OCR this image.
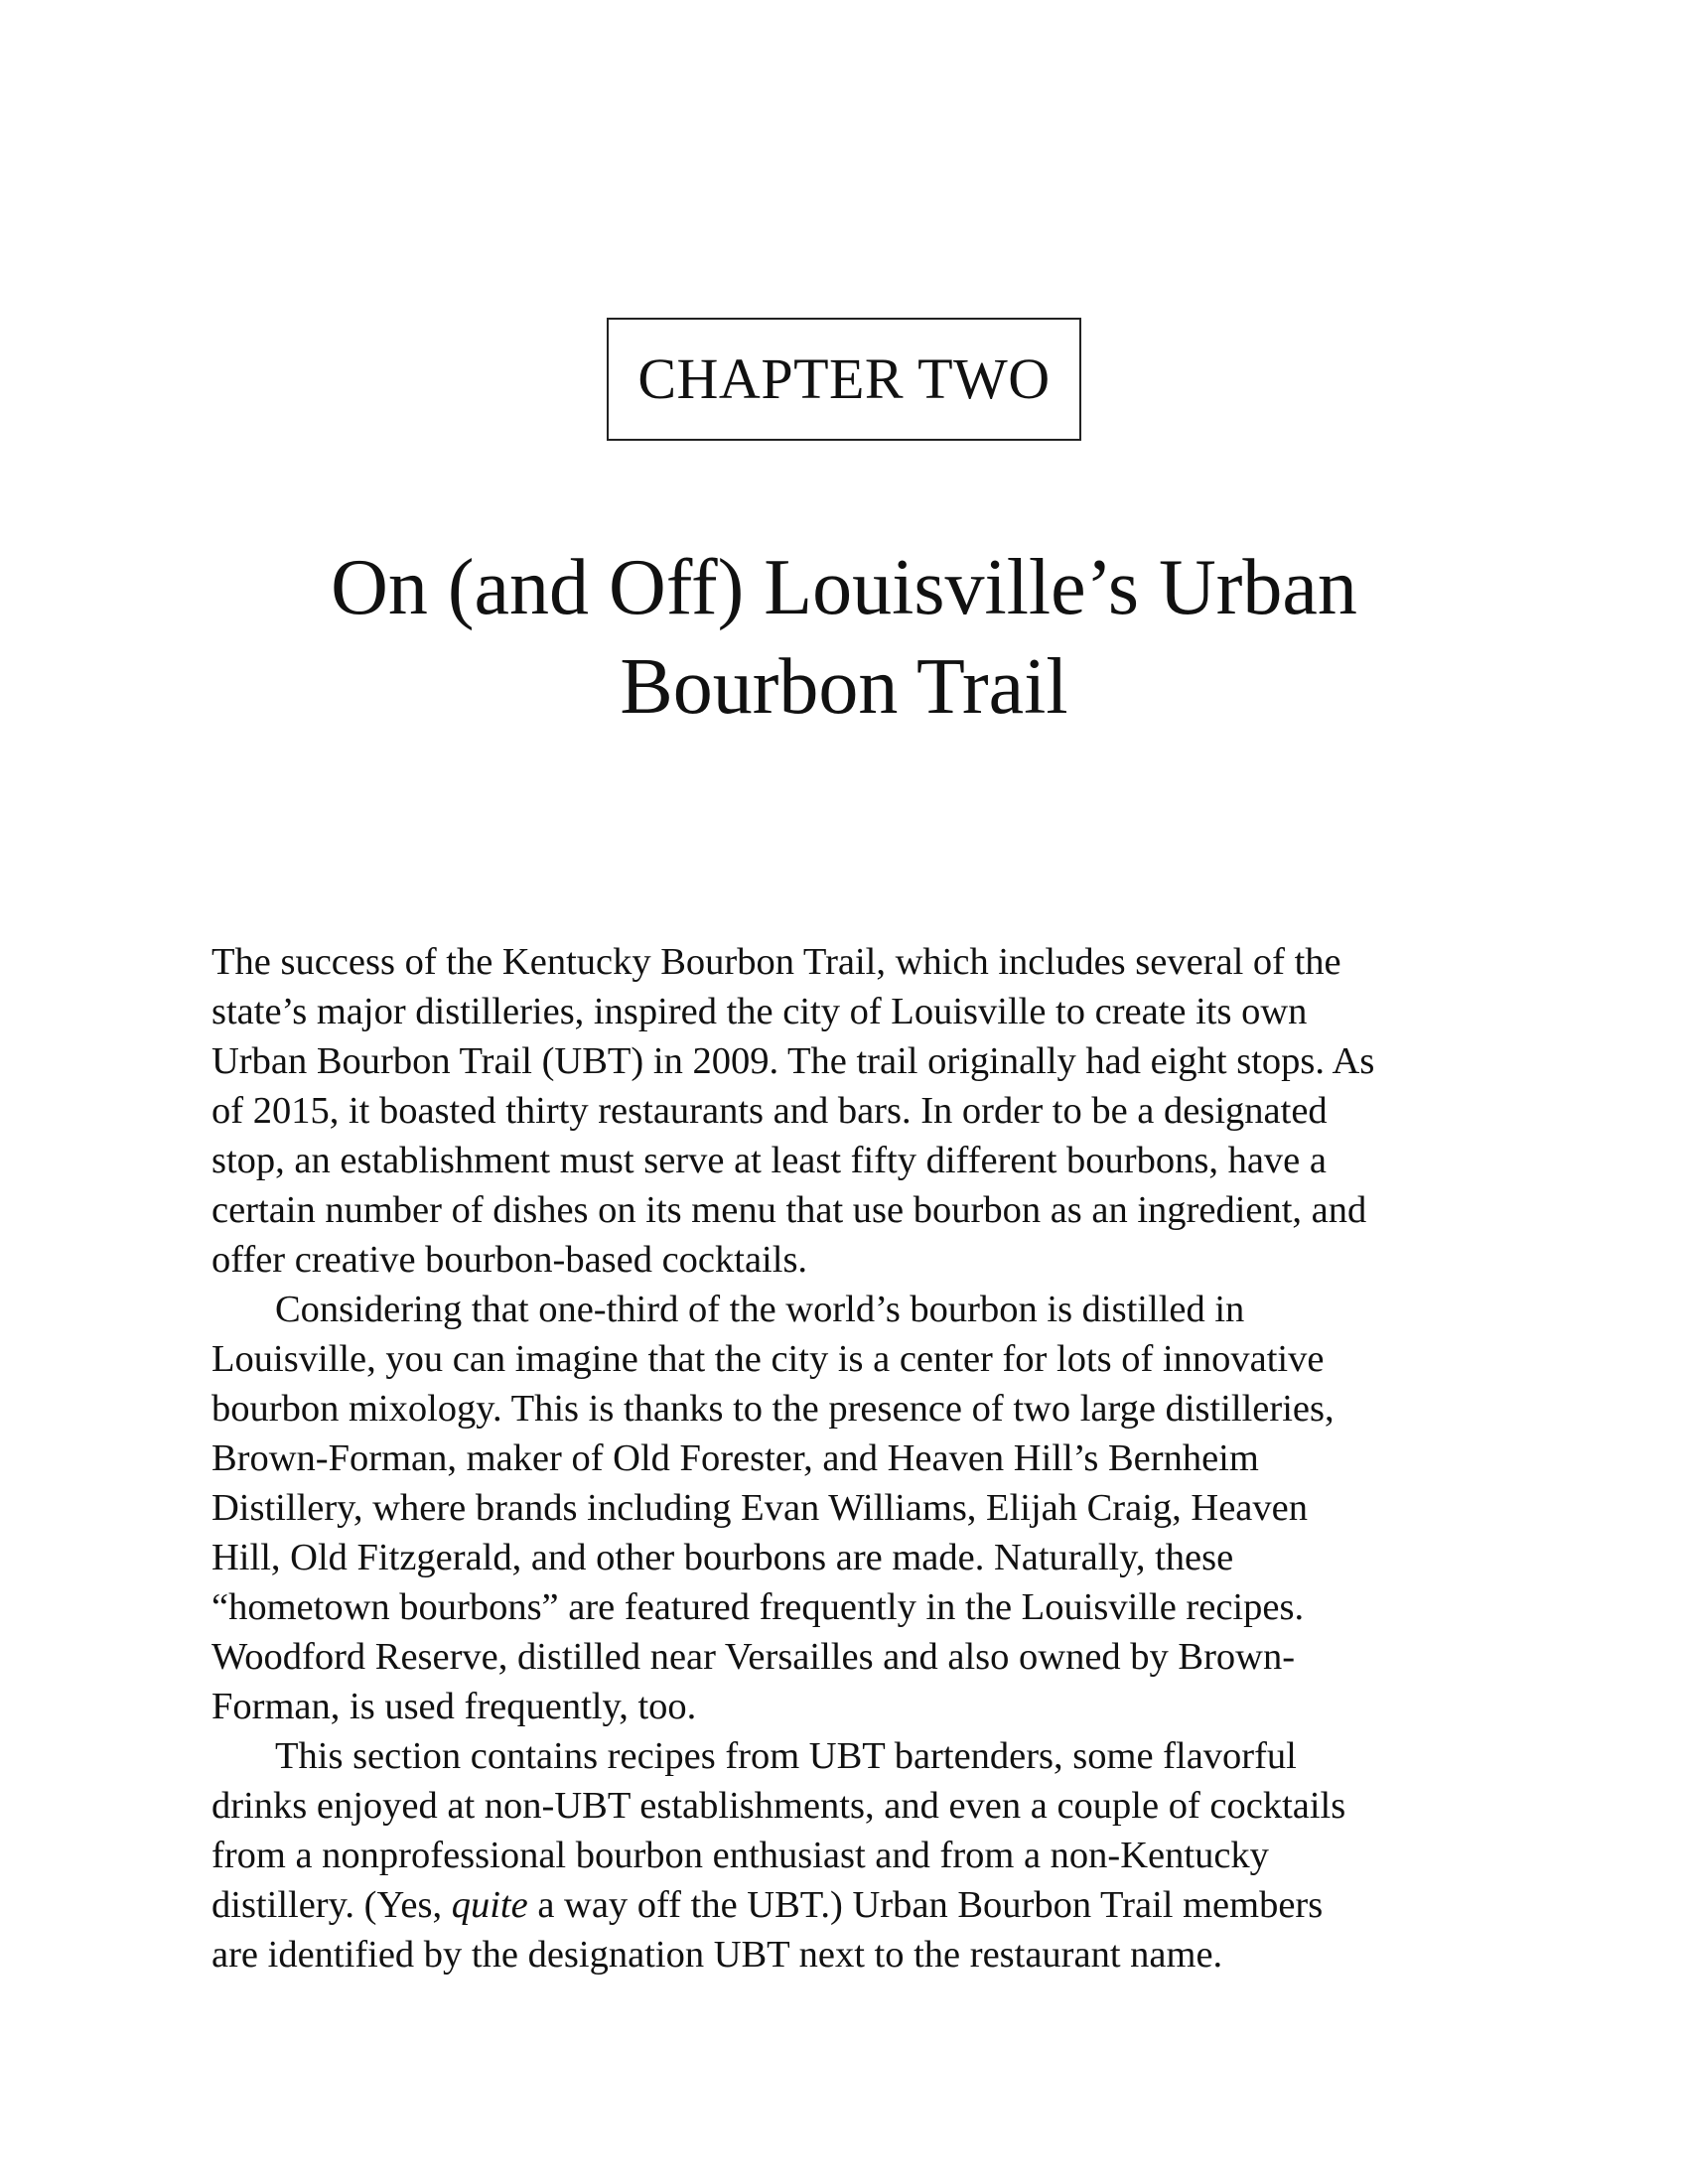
CHAPTER TWO
On (and Off) Louisville’s Urban
Bourbon Trail

The success of the Kentucky Bourbon Trail, which includes several of the
state’s major distilleries, inspired the city of Louisville to create its own
Urban Bourbon Trail (UBT) in 2009. The trail originally had eight stops. As
of 2015, it boasted thirty restaurants and bars. In order to be a designated
stop, an establishment must serve at least fifty different bourbons, have a
certain number of dishes on its menu that use bourbon as an ingredient, and
offer creative bourbon-based cocktails.

Considering that one-third of the world’s bourbon is distilled in
Louisville, you can imagine that the city is a center for lots of innovative
bourbon mixology. This is thanks to the presence of two large distilleries,
Brown-Forman, maker of Old Forester, and Heaven Hill’s Bernheim
Distillery, where brands including Evan Williams, Elijah Craig, Heaven
Hill, Old Fitzgerald, and other bourbons are made. Naturally, these
“hometown bourbons” are featured frequently in the Louisville recipes.
Woodford Reserve, distilled near Versailles and also owned by Brown-
Forman, is used frequently, too.

This section contains recipes from UBT bartenders, some flavorful
drinks enjoyed at non-UBT establishments, and even a couple of cocktails
from a nonprofessional bourbon enthusiast and from a non-Kentucky
distillery. (Yes, quite a way off the UBT.) Urban Bourbon Trail members
are identified by the designation UBT next to the restaurant name.
